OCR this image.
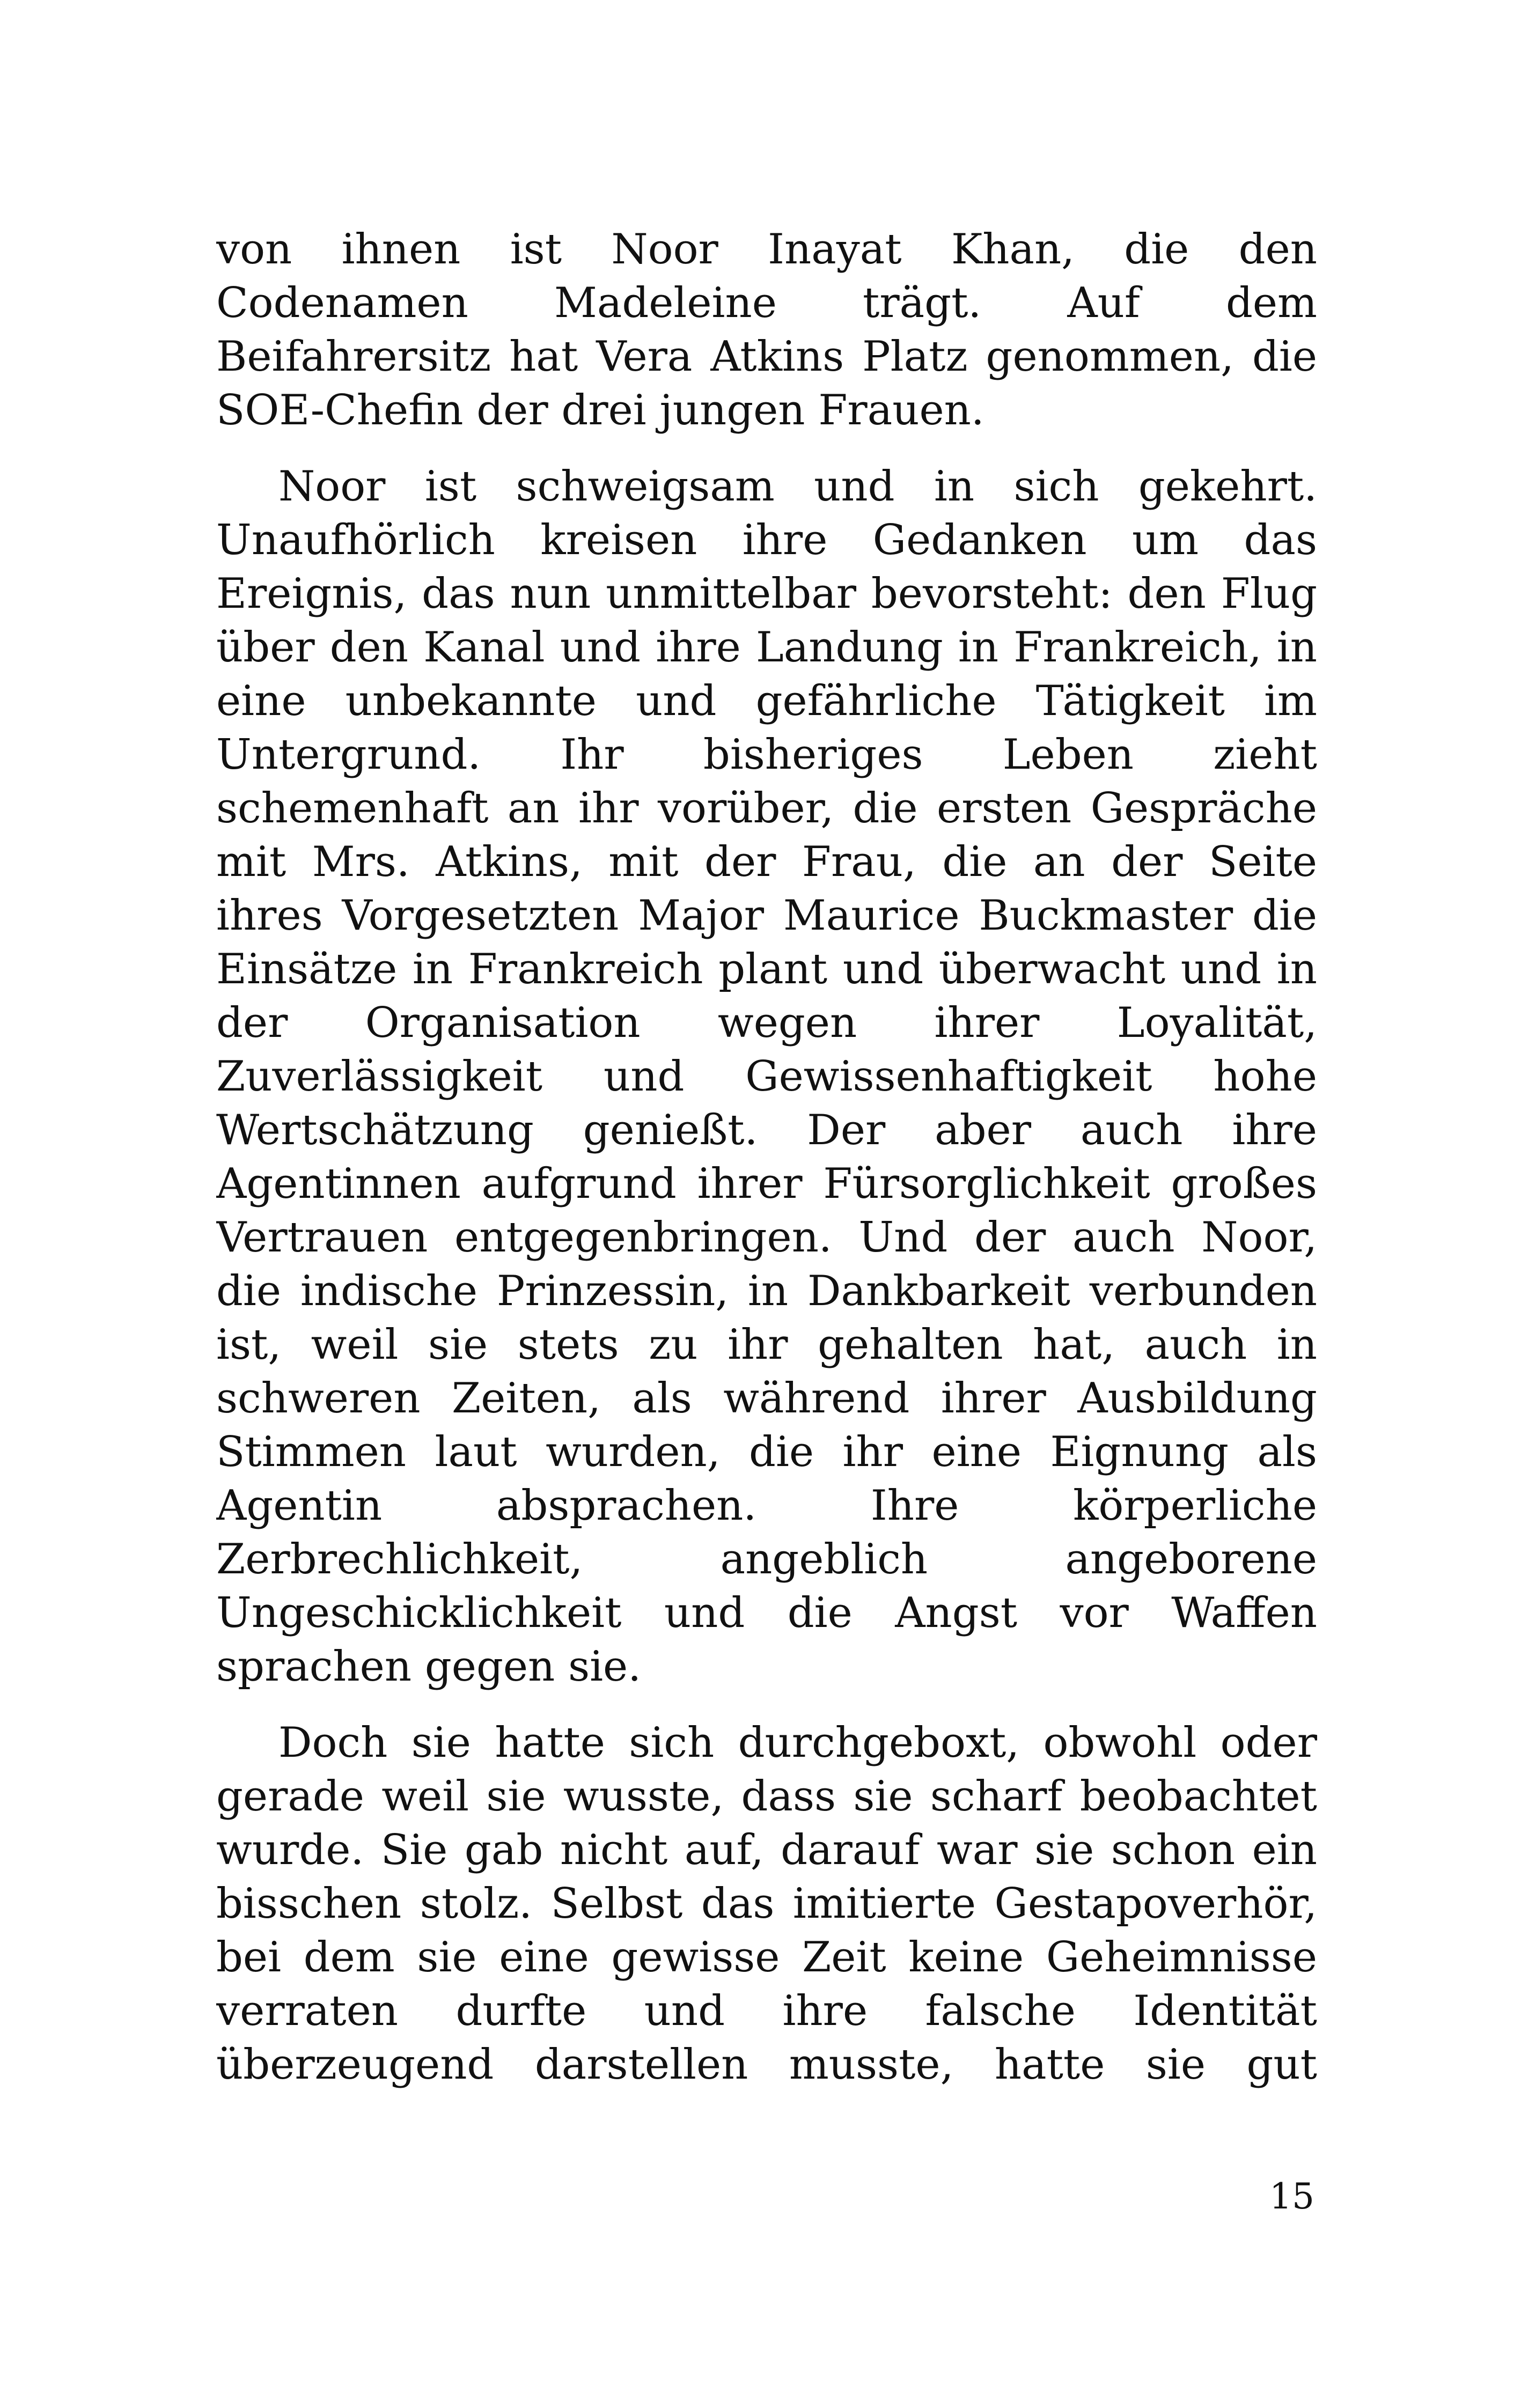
von ihnen ist Noor Inayat Khan, die den
Codenamen Madeleine trägt. Auf dem
Beifahrersitz hat Vera Atkins Platz genommen, die
SOE-Chefin der drei jungen Frauen.
Noor ist schweigsam und in sich gekehrt.
Unaufhörlich kreisen ihre Gedanken um das
Ereignis, das nun unmittelbar bevorsteht: den Flug
über den Kanal und ihre Landung in Frankreich, in
eine unbekannte und gefährliche Tätigkeit im
Untergrund. Ihr bisheriges Leben zieht
schemenhaft an ihr vorüber, die ersten Gespräche
mit Mrs. Atkins, mit der Frau, die an der Seite
ihres Vorgesetzten Major Maurice Buckmaster die
Einsätze in Frankreich plant und überwacht und in
der Organisation wegen ihrer Loyalität,
Zuverlässigkeit und Gewissenhaftigkeit hohe
Wertschätzung genießt. Der aber auch ihre
Agentinnen aufgrund ihrer Fürsorglichkeit großes
Vertrauen entgegenbringen. Und der auch Noor,
die indische Prinzessin, in Dankbarkeit verbunden
ist, weil sie stets zu ihr gehalten hat, auch in
schweren Zeiten, als während ihrer Ausbildung
Stimmen laut wurden, die ihr eine Eignung als
Agentin absprachen. Ihre körperliche
Zerbrechlichkeit, angeblich angeborene
Ungeschicklichkeit und die Angst vor Waffen
sprachen gegen sie.
Doch sie hatte sich durchgeboxt, obwohl oder
gerade weil sie wusste, dass sie scharf beobachtet
wurde. Sie gab nicht auf, darauf war sie schon ein
bisschen stolz. Selbst das imitierte Gestapoverhör,
bei dem sie eine gewisse Zeit keine Geheimnisse
verraten durfte und ihre falsche Identität
überzeugend darstellen musste, hatte sie gut
15
